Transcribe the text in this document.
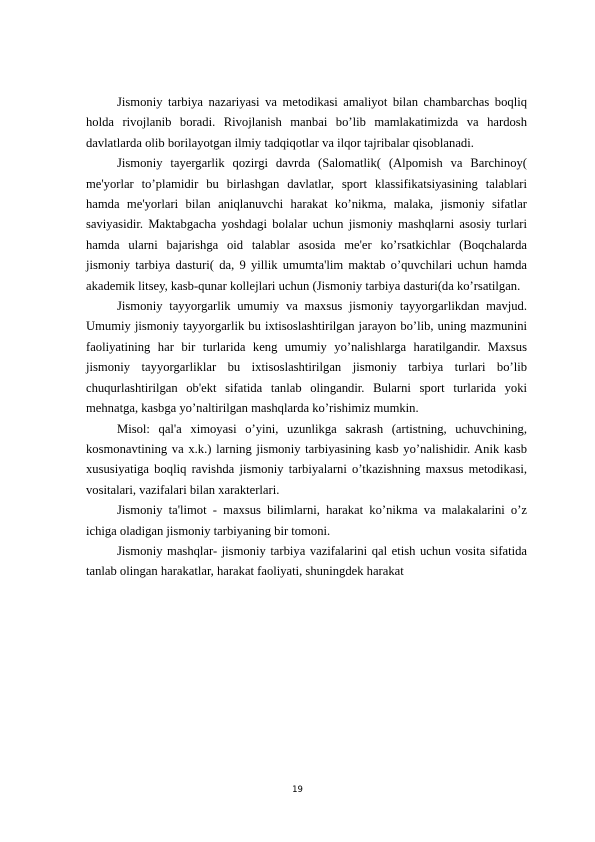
Jismoniy tarbiya nazariyasi va metodikasi amaliyot bilan chambarchas boqliq holda rivojlanib boradi. Rivojlanish manbai bo’lib mamlakatimizda va hardosh davlatlarda olib borilayotgan ilmiy tadqiqotlar va ilqor tajribalar qisoblanadi.

Jismoniy tayergarlik qozirgi davrda (Salomatlik( (Alpomish va Barchinoy( me'yorlar to’plamidir bu birlashgan davlatlar, sport klassifikatsiyasining talablari hamda me'yorlari bilan aniqlanuvchi harakat ko’nikma, malaka, jismoniy sifatlar saviyasidir. Maktabgacha yoshdagi bolalar uchun jismoniy mashqlarni asosiy turlari hamda ularni bajarishga oid talablar asosida me'er ko’rsatkichlar (Boqchalarda jismoniy tarbiya dasturi( da, 9 yillik umumta'lim maktab o’quvchilari uchun hamda akademik litsey, kasb-qunar kollejlari uchun (Jismoniy tarbiya dasturi(da ko’rsatilgan.

Jismoniy tayyorgarlik umumiy va maxsus jismoniy tayyorgarlikdan mavjud. Umumiy jismoniy tayyorgarlik bu ixtisoslashtirilgan jarayon bo’lib, uning mazmunini faoliyatining har bir turlarida keng umumiy yo’nalishlarga haratilgandir. Maxsus jismoniy tayyorgarliklar bu ixtisoslashtirilgan jismoniy tarbiya turlari bo’lib chuqurlashtirilgan ob'ekt sifatida tanlab olingandir. Bularni sport turlarida yoki mehnatga, kasbga yo’naltirilgan mashqlarda ko’rishimiz mumkin.

Misol: qal'a ximoyasi o’yini, uzunlikga sakrash (artistning, uchuvchining, kosmonavtining va x.k.) larning jismoniy tarbiyasining kasb yo’nalishidir. Anik kasb xususiyatiga boqliq ravishda jismoniy tarbiyalarni o’tkazishning maxsus metodikasi, vositalari, vazifalari bilan xarakterlari.

Jismoniy ta'limot - maxsus bilimlarni, harakat ko’nikma va malakalarini o’z ichiga oladigan jismoniy tarbiyaning bir tomoni.

Jismoniy mashqlar- jismoniy tarbiya vazifalarini qal etish uchun vosita sifatida tanlab olingan harakatlar, harakat faoliyati, shuningdek harakat

19
